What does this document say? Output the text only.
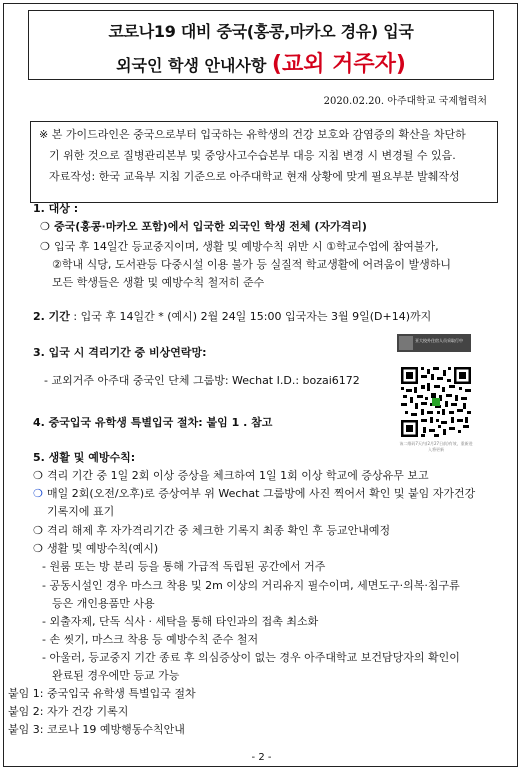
코로나19 대비 중국(홍콩,마카오 경유) 입국
외국인 학생 안내사항 (교외 거주자)
2020.02.20. 아주대학교 국제협력처

※ 본 가이드라인은 중국으로부터 입국하는 유학생의 건강 보호와 감염증의 확산을 차단하

기 위한 것으로 질병관리본부 및 중앙사고수습본부 대응 지침 변경 시 변경될 수 있음.

자료작성: 한국 교육부 지침 기준으로 아주대학교 현재 상황에 맞게 필요부분 발췌작성

1. 대상 :
❍ 중국(홍콩·마카오 포함)에서 입국한 외국인 학생 전체 (자가격리)
❍ 입국 후 14일간 등교중지이며, 생활 및 예방수칙 위반 시 ①학교수업에 참여불가,
②학내 식당, 도서관등 다중시설 이용 불가 등 실질적 학교생활에 어려움이 발생하니
모든 학생들은 생활 및 예방수칙 철저히 준수
2. 기간 : 입국 후 14일간 * (예시) 2월 24일 15:00 입국자는 3월 9일(D+14)까지
3. 입국 시 격리기간 중 비상연락망:
- 교외거주 아주대 중국인 단체 그룹방: Wechat I.D.: bozai6172
亚大校外住宿人员采取行中
该二维码7天内(2月27日前)有效，重新进入将更新
4. 중국입국 유학생 특별입국 절차: 붙임 1 . 참고
5. 생활 및 예방수칙:
❍ 격리 기간 중 1일 2회 이상 증상을 체크하여 1일 1회 이상 학교에 증상유무 보고
❍ 매일 2회(오전/오후)로 증상여부 위 Wechat 그룹방에 사진 찍어서 확인 및 붙임 자가건강
기록지에 표기
❍ 격리 해제 후 자가격리기간 중 체크한 기록지 최종 확인 후 등교안내예정
❍ 생활 및 예방수칙(예시)
- 원룸 또는 방 분리 등을 통해 가급적 독립된 공간에서 거주
- 공동시설인 경우 마스크 착용 및 2m 이상의 거리유지 필수이며, 세면도구·의복·침구류
등은 개인용품만 사용
- 외출자제, 단독 식사 · 세탁을 통해 타인과의 접촉 최소화
- 손 씻기, 마스크 착용 등 예방수칙 준수 철저
- 아울러, 등교중지 기간 종료 후 의심증상이 없는 경우 아주대학교 보건담당자의 확인이
완료된 경우에만 등교 가능
붙임 1: 중국입국 유학생 특별입국 절차
붙임 2: 자가 건강 기록지
붙임 3: 코로나 19 예방행동수칙안내
- 2 -
